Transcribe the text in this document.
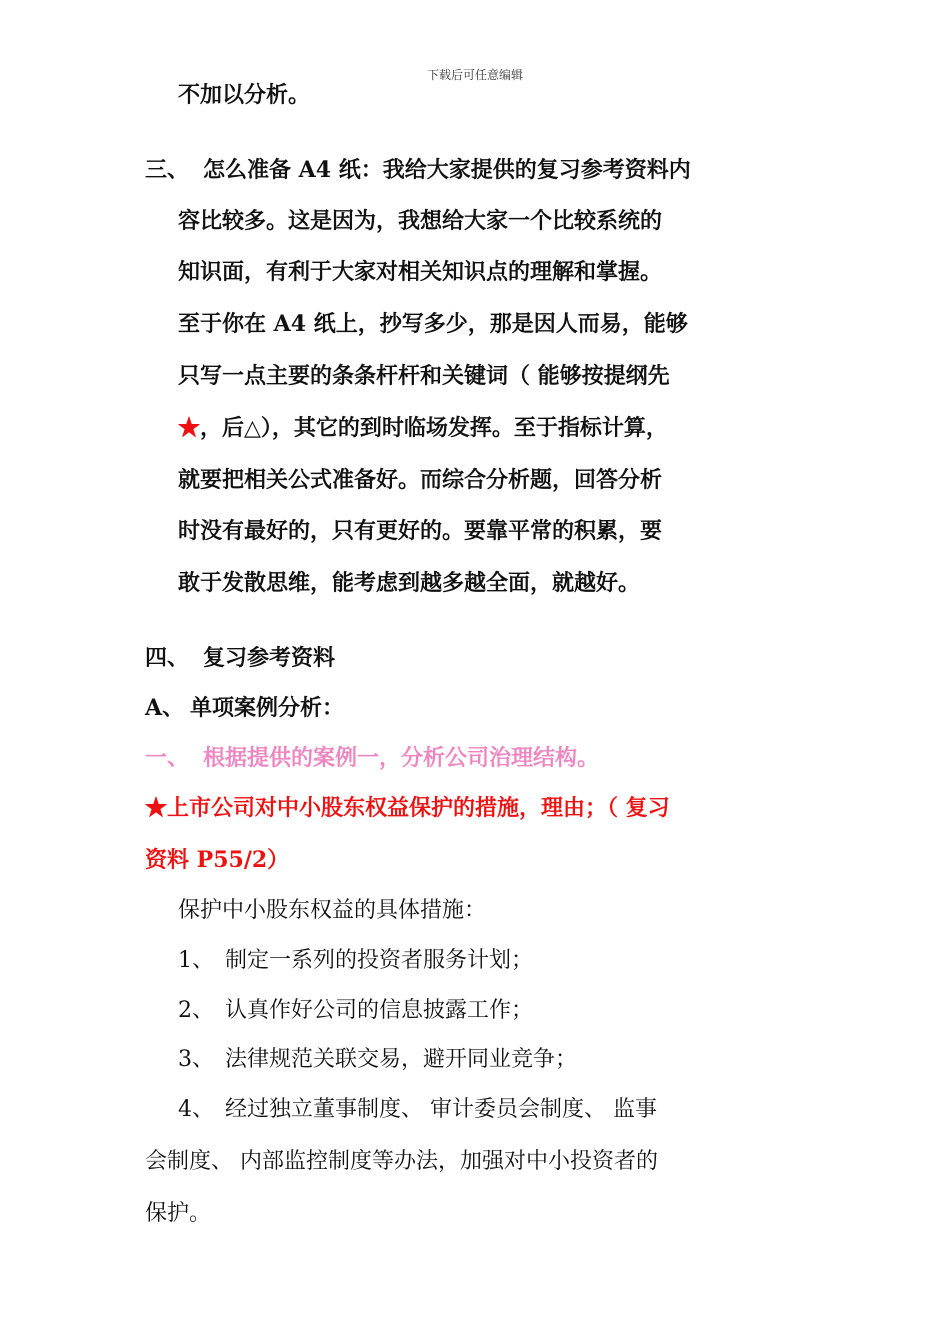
下载后可任意编辑
不加以分析。
三、 怎么准备 A4 纸：我给大家提供的复习参考资料内
容比较多。这是因为，我想给大家一个比较系统的
知识面，有利于大家对相关知识点的理解和掌握。
至于你在 A4 纸上，抄写多少，那是因人而易，能够
只写一点主要的条条杆杆和关键词（ 能够按提纲先
★，后△），其它的到时临场发挥。至于指标计算，
就要把相关公式准备好。而综合分析题，回答分析
时没有最好的，只有更好的。要靠平常的积累，要
敢于发散思维，能考虑到越多越全面，就越好。
四、 复习参考资料
A、 单项案例分析：
一、 根据提供的案例一，分析公司治理结构。
★上市公司对中小股东权益保护的措施，理由；（ 复习
资料 P55/2）
保护中小股东权益的具体措施：
1、 制定一系列的投资者服务计划；
2、 认真作好公司的信息披露工作；
3、 法律规范关联交易，避开同业竞争；
4、 经过独立董事制度、 审计委员会制度、 监事
会制度、 内部监控制度等办法，加强对中小投资者的
保护。
